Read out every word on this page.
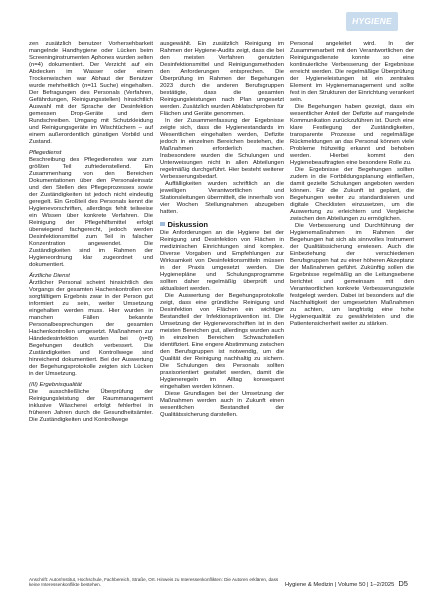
HYGIENE

zen zusätzlich benutzer Vorhersehbarkeit mangelnde Handhygiene oder Lücken beim Screeninginstrumenten Aphones wurden selten (n=4) dokumentiert. Der Verzicht auf ein Abdecken im Wasser oder einem Trockenwischen war Abhaut der Benutzer wurde mehrheitlich (n=11 Suche) eingehalten. Der Befragungen des Personals (Verfahren, Gefährdungen, Reinigungsstellen) hinsichtlich Auswahl mit der Sprache der Desinfektion gemessen Drop-Geräte und dem Rundschreiben. Umgang mit Schutzkleidung und Reinigungsgeräte im Wischtüchern – auf einem außerordentlich günstigen Vorbild und Zustand.

Pflegedienst

Beschreibung des Pflegedienstes war zum größten Teil zufriedenstellend. Ein Zusammenhang von den Bereichen Dokumentationen über den Personaleinsatz und den Stellen des Pflegeprozesses sowie der Zuständigkeiten ist jedoch nicht eindeutig geregelt. Ein Großteil des Personals kennt die Hygienevorschriften, allerdings fehlt teilweise ein Wissen über konkrete Verfahren. Die Reinigung der Pflegehilfsmittel erfolgt überwiegend fachgerecht, jedoch werden Desinfektionsmittel zum Teil in falscher Konzentration angewendet. Die Zuständigkeiten sind im Rahmen der Hygieneordnung klar zugeordnet und dokumentiert.

Ärztliche Dienst

Ärztlicher Personal scheint hinsichtlich des Vorgangs der gesamten Hachenkontrollen von sorgfältigem Ergebnis zwar in der Person gut informiert zu sein, weiter Umsetzung eingehalten werden muss. Hier wurden in manchen Fällen bekannte Personalbesprechungen der gesamten Hachenkontrollen umgesetzt. Maßnahmen zur Händedesinfektion wurden bei (n=8) Begehungen deutlich verbessert. Die Zuständigkeiten und Kontrollwege sind hinreichend dokumentiert. Bei der Auswertung der Begehungsprotokolle zeigten sich Lücken in der Umsetzung.

(III) Ergebnisqualität

Die ausschließliche Überprüfung der Reinigungsleistung der Raummanagement inklusive Wäscherei erfolgt fehlerfrei in früheren Jahren durch die Gesundheitsämter. Die Zuständigkeiten und Kontrollwege

ausgewählt. Ein zusätzlich Reinigung im Rahmen der Hygiene-Audits zeigt, dass die bei den meisten Verfahren genutzten Desinfektionsmittel und Reinigungsmethoden den Anforderungen entsprechen. Die Überprüfung im Rahmen der Begehungen 2023 durch die anderen Berufsgruppen bestätigte, dass die gesamten Reinigungsleistungen nach Plan umgesetzt werden. Zusätzlich wurden Abklatschproben für Flächen und Geräte genommen.

In der Zusammenfassung der Ergebnisse zeigte sich, dass die Hygienestandards im Wesentlichen eingehalten werden, Defizite jedoch in einzelnen Bereichen bestehen, die Maßnahmen erforderlich machen. Insbesondere wurden die Schulungen und Unterweisungen nicht in allen Abteilungen regelmäßig durchgeführt. Hier besteht weiterer Verbesserungsbedarf.

Auffälligkeiten wurden schriftlich an die jeweiligen Verantwortlichen und Stationsleitungen übermittelt, die innerhalb von vier Wochen Stellungnahmen abzugeben hatten.

Diskussion

Die Anforderungen an die Hygiene bei der Reinigung und Desinfektion von Flächen in medizinischen Einrichtungen sind komplex. Diverse Vorgaben und Empfehlungen zur Wirksamkeit von Desinfektionsmitteln müssen in der Praxis umgesetzt werden. Die Hygienepläne und Schulungsprogramme sollten daher regelmäßig überprüft und aktualisiert werden.

Die Auswertung der Begehungsprotokolle zeigt, dass eine gründliche Reinigung und Desinfektion von Flächen ein wichtiger Bestandteil der Infektionsprävention ist. Die Umsetzung der Hygienevorschriften ist in den meisten Bereichen gut, allerdings wurden auch in einzelnen Bereichen Schwachstellen identifiziert. Eine engere Abstimmung zwischen den Berufsgruppen ist notwendig, um die Qualität der Reinigung nachhaltig zu sichern. Die Schulungen des Personals sollten praxisorientiert gestaltet werden, damit die Hygieneregeln im Alltag konsequent eingehalten werden können.

Diese Grundlagen bei der Umsetzung der Maßnahmen werden auch in Zukunft einen wesentlichen Bestandteil der Qualitätssicherung darstellen.

Personal angeleitet wird. In der Zusammenarbeit mit den Verantwortlichen der Reinigungsdienste konnte so eine kontinuierliche Verbesserung der Ergebnisse erreicht werden. Die regelmäßige Überprüfung der Hygieneleistungen ist ein zentrales Element im Hygienemanagement und sollte fest in den Strukturen der Einrichtung verankert sein.

Die Begehungen haben gezeigt, dass ein wesentlicher Anteil der Defizite auf mangelnde Kommunikation zurückzuführen ist. Durch eine klare Festlegung der Zuständigkeiten, transparente Prozesse und regelmäßige Rückmeldungen an das Personal können viele Probleme frühzeitig erkannt und behoben werden. Hierbei kommt den Hygienebeauftragten eine besondere Rolle zu.

Die Ergebnisse der Begehungen sollten zudem in die Fortbildungsplanung einfließen, damit gezielte Schulungen angeboten werden können. Für die Zukunft ist geplant, die Begehungen weiter zu standardisieren und digitale Checklisten einzusetzen, um die Auswertung zu erleichtern und Vergleiche zwischen den Abteilungen zu ermöglichen.

Die Verbesserung und Durchführung der Hygienemaßnahmen im Rahmen der Begehungen hat sich als sinnvolles Instrument der Qualitätssicherung erwiesen. Auch die Einbeziehung der verschiedenen Berufsgruppen hat zu einer höheren Akzeptanz der Maßnahmen geführt. Zukünftig sollen die Ergebnisse regelmäßig an die Leitungsebene berichtet und gemeinsam mit den Verantwortlichen konkrete Verbesserungsziele festgelegt werden. Dabei ist besonders auf die Nachhaltigkeit der umgesetzten Maßnahmen zu achten, um langfristig eine hohe Hygienequalität zu gewährleisten und die Patientensicherheit weiter zu stärken.

Anschrift: Autor/Institut, Hochschule, Fachbereich, Straße, Ort. Hinweis zu Interessenkonflikten: Die Autoren erklären, dass keine Interessenkonflikte bestehen.	Hygiene & Medizin | Volume 50 | 1–2/2025 D5
